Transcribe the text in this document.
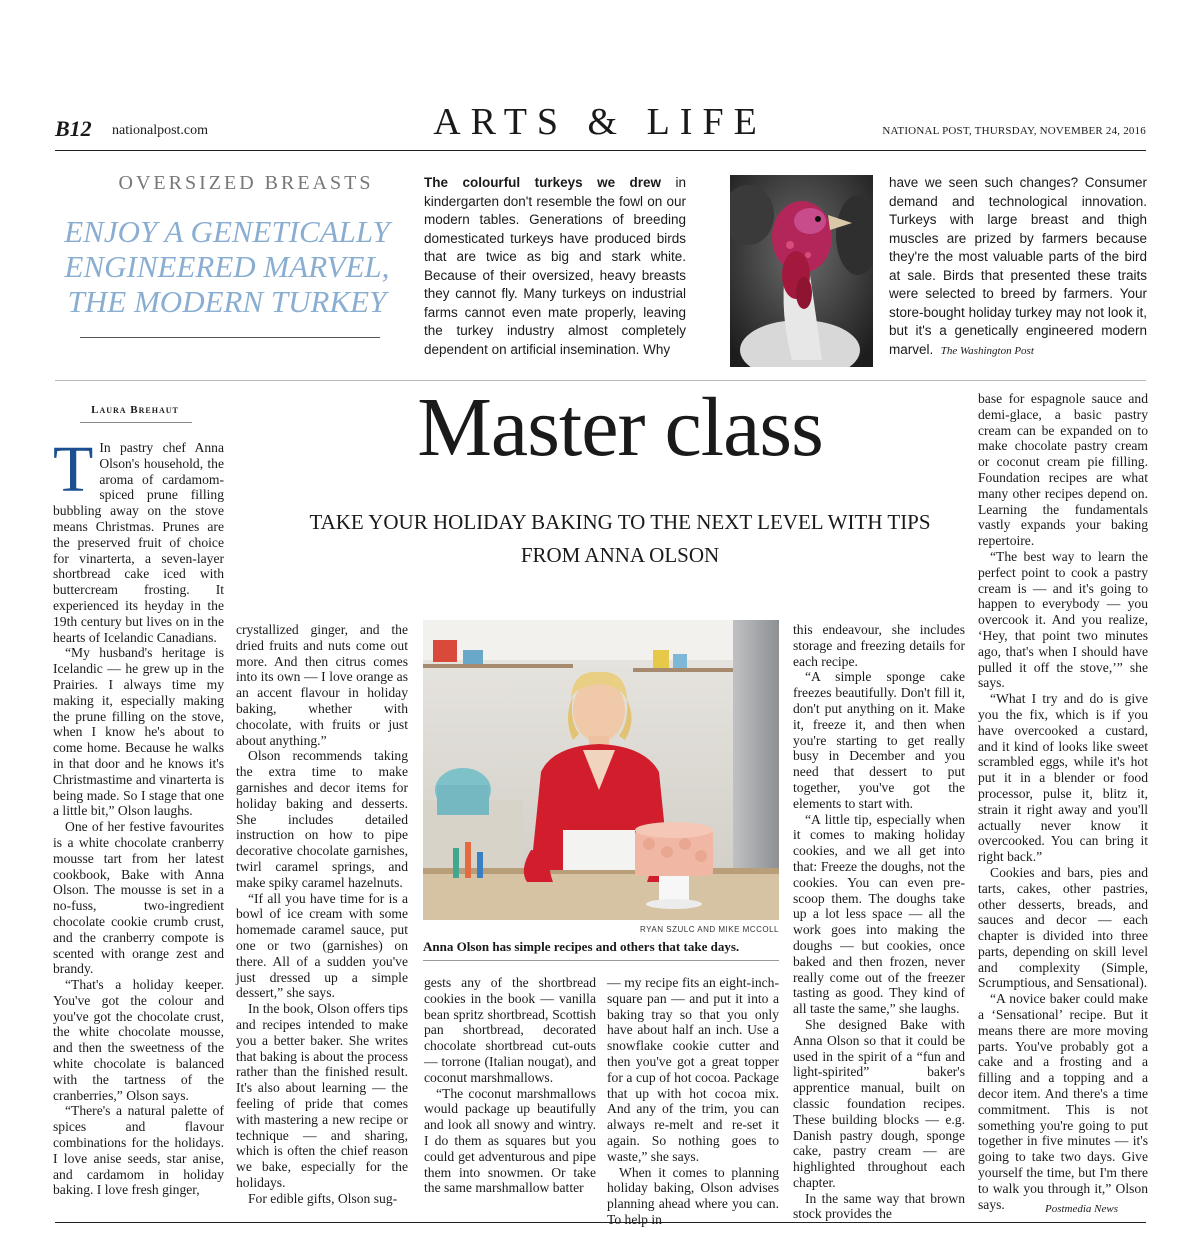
B12 nationalpost.com	ARTS & LIFE	NATIONAL POST, THURSDAY, NOVEMBER 24, 2016
OVERSIZED BREASTS
ENJOY A GENETICALLY ENGINEERED MARVEL, THE MODERN TURKEY
The colourful turkeys we drew in kindergarten don't resemble the fowl on our modern tables. Generations of breeding domesticated turkeys have produced birds that are twice as big and stark white. Because of their oversized, heavy breasts they cannot fly. Many turkeys on industrial farms cannot even mate properly, leaving the turkey industry almost completely dependent on artificial insemination. Why
have we seen such changes? Consumer demand and technological innovation. Turkeys with large breast and thigh muscles are prized by farmers because they're the most valuable parts of the bird at sale. Birds that presented these traits were selected to breed by farmers. Your store-bought holiday turkey may not look it, but it's a genetically engineered modern marvel. The Washington Post
Laura Brehaut	Master class
TAKE YOUR HOLIDAY BAKING TO THE NEXT LEVEL WITH TIPS FROM ANNA OLSON
T In pastry chef Anna Olson's household, the aroma of cardamom-spiced prune filling bubbling away on the stove means Christmas. Prunes are the preserved fruit of choice for vinarterta, a seven-layer shortbread cake iced with buttercream frosting. It experienced its heyday in the 19th century but lives on in the hearts of Icelandic Canadians.

“My husband's heritage is Icelandic — he grew up in the Prairies. I always time my making it, especially making the prune filling on the stove, when I know he's about to come home. Because he walks in that door and he knows it's Christmastime and vinarterta is being made. So I stage that one a little bit,” Olson laughs.

One of her festive favourites is a white chocolate cranberry mousse tart from her latest cookbook, Bake with Anna Olson. The mousse is set in a no-fuss, two-ingredient chocolate cookie crumb crust, and the cranberry compote is scented with orange zest and brandy.

“That's a holiday keeper. You've got the colour and you've got the chocolate crust, the white chocolate mousse, and then the sweetness of the white chocolate is balanced with the tartness of the cranberries,” Olson says.

“There's a natural palette of spices and flavour combinations for the holidays. I love anise seeds, star anise, and cardamom in holiday baking. I love fresh ginger,

crystallized ginger, and the dried fruits and nuts come out more. And then citrus comes into its own — I love orange as an accent flavour in holiday baking, whether with chocolate, with fruits or just about anything.”

Olson recommends taking the extra time to make garnishes and decor items for holiday baking and desserts. She includes detailed instruction on how to pipe decorative chocolate garnishes, twirl caramel springs, and make spiky caramel hazelnuts.

“If all you have time for is a bowl of ice cream with some homemade caramel sauce, put one or two (garnishes) on there. All of a sudden you've just dressed up a simple dessert,” she says.

In the book, Olson offers tips and recipes intended to make you a better baker. She writes that baking is about the process rather than the finished result. It's also about learning — the feeling of pride that comes with mastering a new recipe or technique — and sharing, which is often the chief reason we bake, especially for the holidays.

For edible gifts, Olson sug-

RYAN SZULC AND MIKE MCCOLL
Anna Olson has simple recipes and others that take days.

gests any of the shortbread cookies in the book — vanilla bean spritz shortbread, Scottish pan shortbread, decorated chocolate shortbread cut-outs — torrone (Italian nougat), and coconut marshmallows.

“The coconut marshmallows would package up beautifully and look all snowy and wintry. I do them as squares but you could get adventurous and pipe them into snowmen. Or take the same marshmallow batter

— my recipe fits an eight-inch-square pan — and put it into a baking tray so that you only have about half an inch. Use a snowflake cookie cutter and then you've got a great topper for a cup of hot cocoa. Package that up with hot cocoa mix. And any of the trim, you can always re-melt and re-set it again. So nothing goes to waste,” she says.

When it comes to planning holiday baking, Olson advises planning ahead where you can. To help in

this endeavour, she includes storage and freezing details for each recipe.

“A simple sponge cake freezes beautifully. Don't fill it, don't put anything on it. Make it, freeze it, and then when you're starting to get really busy in December and you need that dessert to put together, you've got the elements to start with.

“A little tip, especially when it comes to making holiday cookies, and we all get into that: Freeze the doughs, not the cookies. You can even pre-scoop them. The doughs take up a lot less space — all the work goes into making the doughs — but cookies, once baked and then frozen, never really come out of the freezer tasting as good. They kind of all taste the same,” she laughs.

She designed Bake with Anna Olson so that it could be used in the spirit of a “fun and light-spirited” baker's apprentice manual, built on classic foundation recipes. These building blocks — e.g. Danish pastry dough, sponge cake, pastry cream — are highlighted throughout each chapter.

In the same way that brown stock provides the

base for espagnole sauce and demi-glace, a basic pastry cream can be expanded on to make chocolate pastry cream or coconut cream pie filling. Foundation recipes are what many other recipes depend on. Learning the fundamentals vastly expands your baking repertoire.

“The best way to learn the perfect point to cook a pastry cream is — and it's going to happen to everybody — you overcook it. And you realize, ‘Hey, that point two minutes ago, that's when I should have pulled it off the stove,’” she says.

“What I try and do is give you the fix, which is if you have overcooked a custard, and it kind of looks like sweet scrambled eggs, while it's hot put it in a blender or food processor, pulse it, blitz it, strain it right away and you'll actually never know it overcooked. You can bring it right back.”

Cookies and bars, pies and tarts, cakes, other pastries, other desserts, breads, and sauces and decor — each chapter is divided into three parts, depending on skill level and complexity (Simple, Scrumptious, and Sensational).

“A novice baker could make a ‘Sensational’ recipe. But it means there are more moving parts. You've probably got a cake and a frosting and a filling and a topping and a decor item. And there's a time commitment. This is not something you're going to put together in five minutes — it's going to take two days. Give yourself the time, but I'm there to walk you through it,” Olson says.	Postmedia News
